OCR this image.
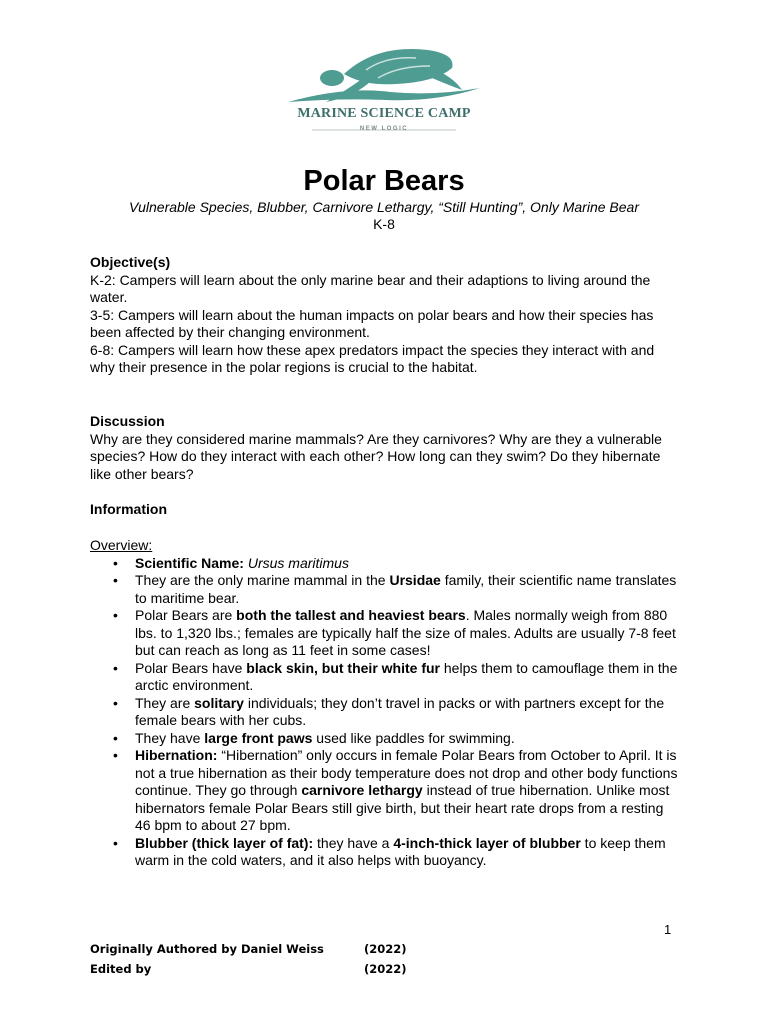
MARINE SCIENCE CAMP
NEW LOGIC
Polar Bears
Vulnerable Species, Blubber, Carnivore Lethargy, “Still Hunting”, Only Marine Bear
K-8

Objective(s)

K-2: Campers will learn about the only marine bear and their adaptions to living around the water.

3-5: Campers will learn about the human impacts on polar bears and how their species has been affected by their changing environment.

6-8: Campers will learn how these apex predators impact the species they interact with and why their presence in the polar regions is crucial to the habitat.

Discussion

Why are they considered marine mammals? Are they carnivores? Why are they a vulnerable species? How do they interact with each other? How long can they swim? Do they hibernate like other bears?

Information

Overview:

• Scientific Name: Ursus maritimus
• They are the only marine mammal in the Ursidae family, their scientific name translates to maritime bear.
• Polar Bears are both the tallest and heaviest bears. Males normally weigh from 880 lbs. to 1,320 lbs.; females are typically half the size of males. Adults are usually 7-8 feet but can reach as long as 11 feet in some cases!
• Polar Bears have black skin, but their white fur helps them to camouflage them in the arctic environment.
• They are solitary individuals; they don’t travel in packs or with partners except for the female bears with her cubs.
• They have large front paws used like paddles for swimming.
• Hibernation: “Hibernation” only occurs in female Polar Bears from October to April. It is not a true hibernation as their body temperature does not drop and other body functions continue. They go through carnivore lethargy instead of true hibernation. Unlike most hibernators female Polar Bears still give birth, but their heart rate drops from a resting 46 bpm to about 27 bpm.
• Blubber (thick layer of fat): they have a 4-inch-thick layer of blubber to keep them warm in the cold waters, and it also helps with buoyancy.
1
Originally Authored by Daniel Weiss	(2022)
Edited by	(2022)
